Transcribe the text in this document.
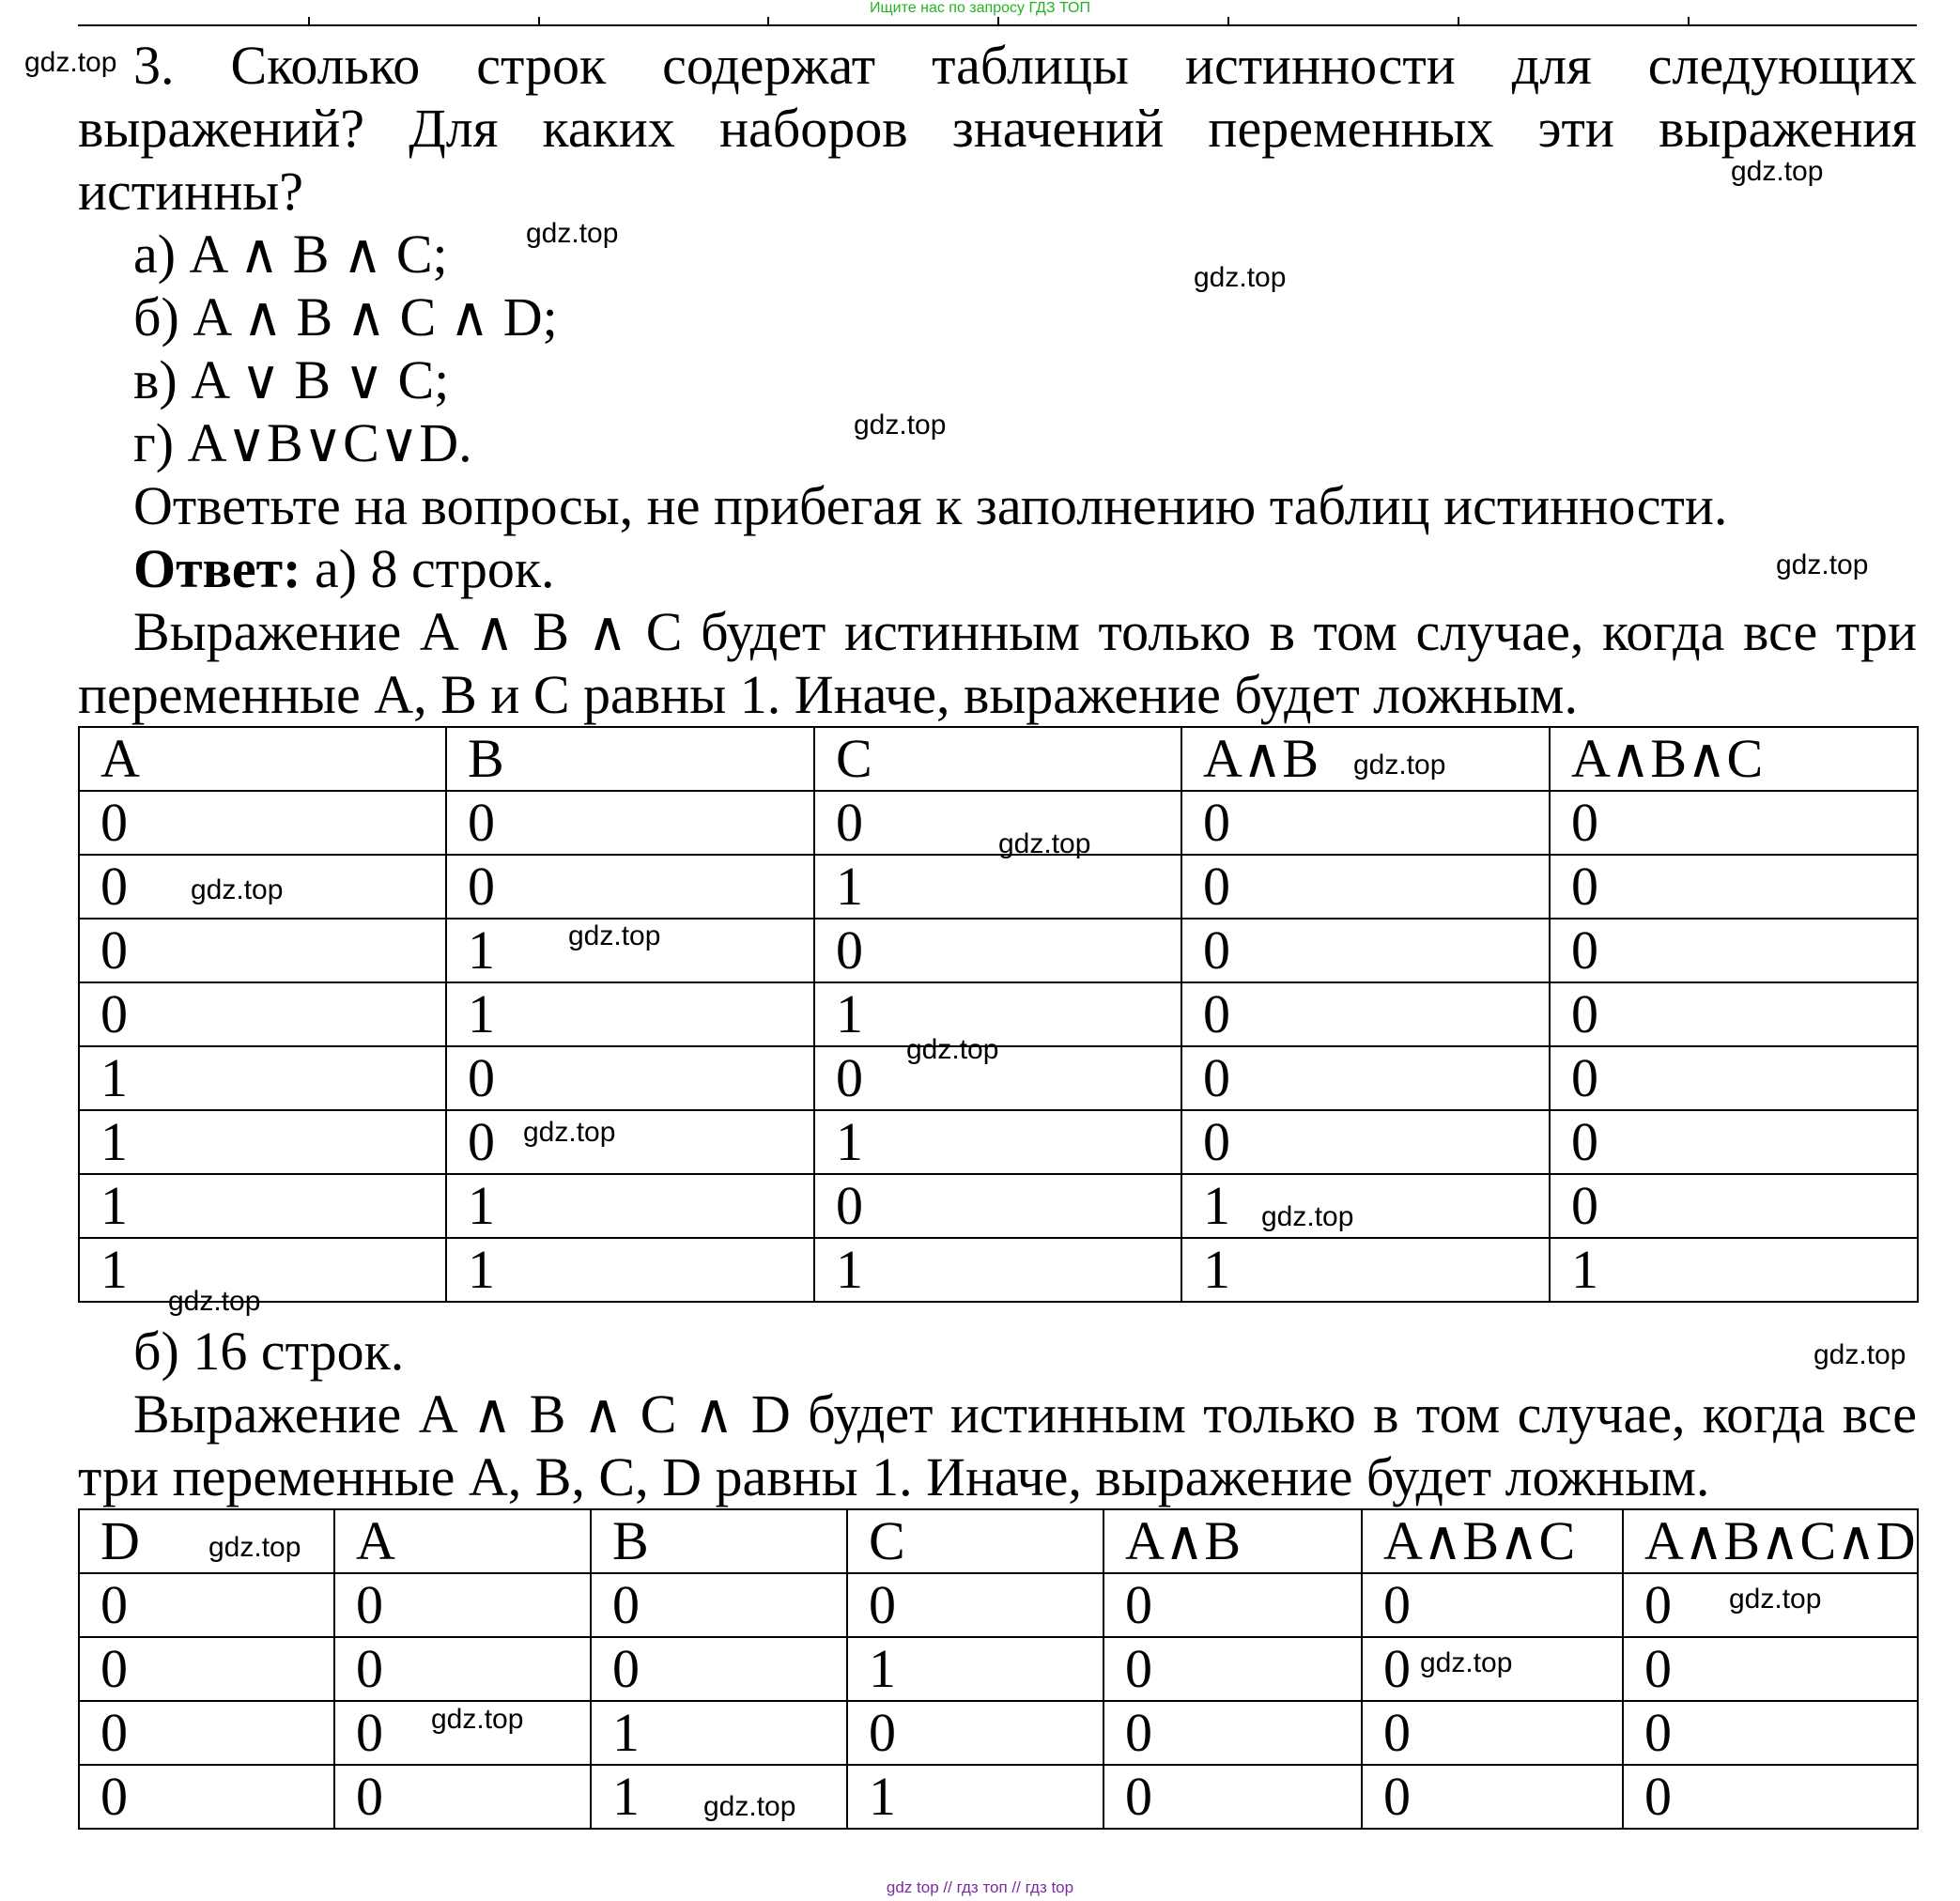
Ищите нас по запросу ГДЗ ТОП

3. Сколько строк содержат таблицы истинности для следующих

выражений? Для каких наборов значений переменных эти выражения

истинны?

а) A ∧ B ∧ C;

б) A ∧ B ∧ C ∧ D;

в) A ∨ B ∨ C;

г) A∨B∨C∨D.

Ответьте на вопросы, не прибегая к заполнению таблиц истинности.

Ответ: а) 8 строк.

Выражение A ∧ B ∧ C будет истинным только в том случае, когда все три

переменные A, B и C равны 1. Иначе, выражение будет ложным.

A	B	C	A∧B	A∧B∧C
0	0	0	0	0
0	0	1	0	0
0	1	0	0	0
0	1	1	0	0
1	0	0	0	0
1	0	1	0	0
1	1	0	1	0
1	1	1	1	1

б) 16 строк.

Выражение A ∧ B ∧ C ∧ D будет истинным только в том случае, когда все

три переменные A, B, C, D равны 1. Иначе, выражение будет ложным.

D	A	B	C	A∧B	A∧B∧C	A∧B∧C∧D
0	0	0	0	0	0	0
0	0	0	1	0	0	0
0	0	1	0	0	0	0
0	0	1	1	0	0	0
gdz.top
gdz.top
gdz.top
gdz.top
gdz.top
gdz.top
gdz.top
gdz.top
gdz.top
gdz.top
gdz.top
gdz.top
gdz.top
gdz.top
gdz.top
gdz.top
gdz.top
gdz.top
gdz.top
gdz.top
gdz top // гдз топ // гдз top
